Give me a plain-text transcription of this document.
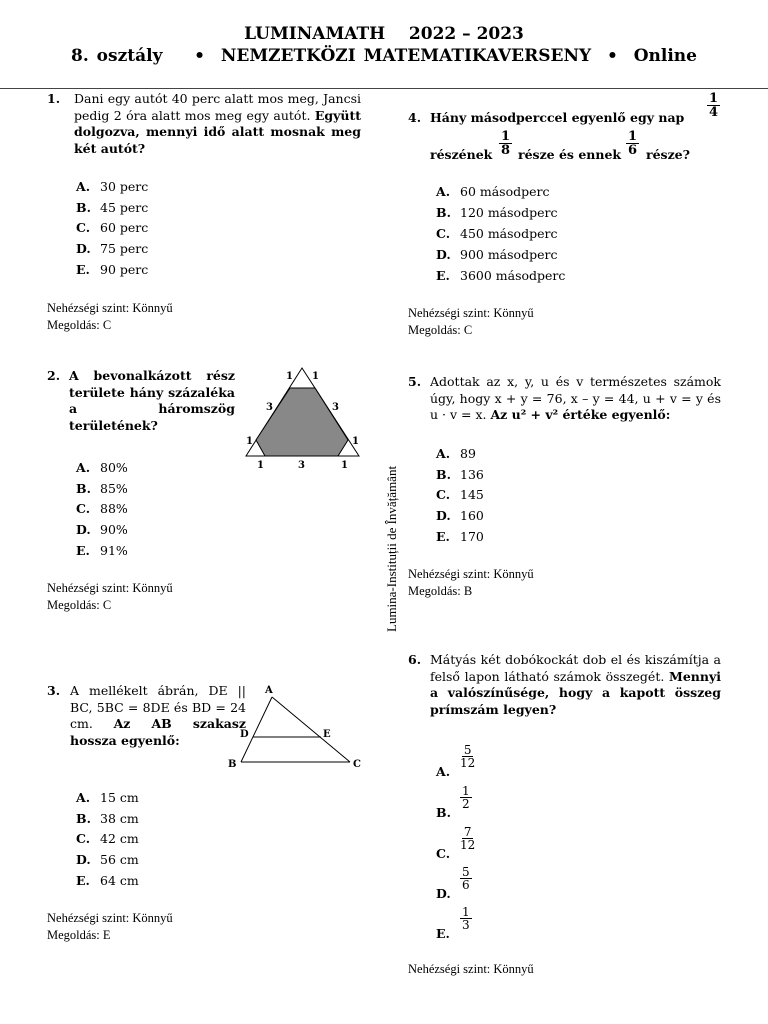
LUMINAMATH    2022 – 2023
8. osztály    •  NEMZETKÖZI MATEMATIKAVERSENY  •  Online
Lumina-Instituții de Învățământ
1. Dani egy autót 40 perc alatt mos meg, Jancsi pedig 2 óra alatt mos meg egy autót. Együtt dolgozva, mennyi idő alatt mosnak meg két autót?
A. 30 perc
B. 45 perc
C. 60 perc
D. 75 perc
E. 90 perc
Nehézségi szint: Könnyű
Megoldás: C
2. A bevonalkázott rész területe hány százaléka a háromszög területének?
1 1
3	3
1	1
1	3	1
A. 80%
B. 85%
C. 88%
D. 90%
E. 91%
Nehézségi szint: Könnyű
Megoldás: C
3. A mellékelt ábrán, DE || BC, 5BC = 8DE és BD = 24 cm. Az AB szakasz hossza egyenlő:
A
D	E
B	C
A. 15 cm
B. 38 cm
C. 42 cm
D. 56 cm
E. 64 cm
Nehézségi szint: Könnyű
Megoldás: E
4. Hány másodperccel egyenlő egy nap $\frac{1}{4}$
részének $\frac{1}{8}$ része és ennek $\frac{1}{6}$ része?
A. 60 másodperc
B. 120 másodperc
C. 450 másodperc
D. 900 másodperc
E. 3600 másodperc
Nehézségi szint: Könnyű
Megoldás: C
5. Adottak az x, y, u és v természetes számok úgy, hogy x + y = 76, x – y = 44, u + v = y és u · v = x. Az u² + v² értéke egyenlő:
A. 89
B. 136
C. 145
D. 160
E. 170
Nehézségi szint: Könnyű
Megoldás: B
6. Mátyás két dobókockát dob el és kiszámítja a felső lapon látható számok összegét. Mennyi a valószínűsége, hogy a kapott összeg prímszám legyen?
A.
$\frac{5}{12}$
B.
$\frac{1}{2}$
C.
$\frac{7}{12}$
D.
$\frac{5}{6}$
E.
$\frac{1}{3}$
Nehézségi szint: Könnyű
